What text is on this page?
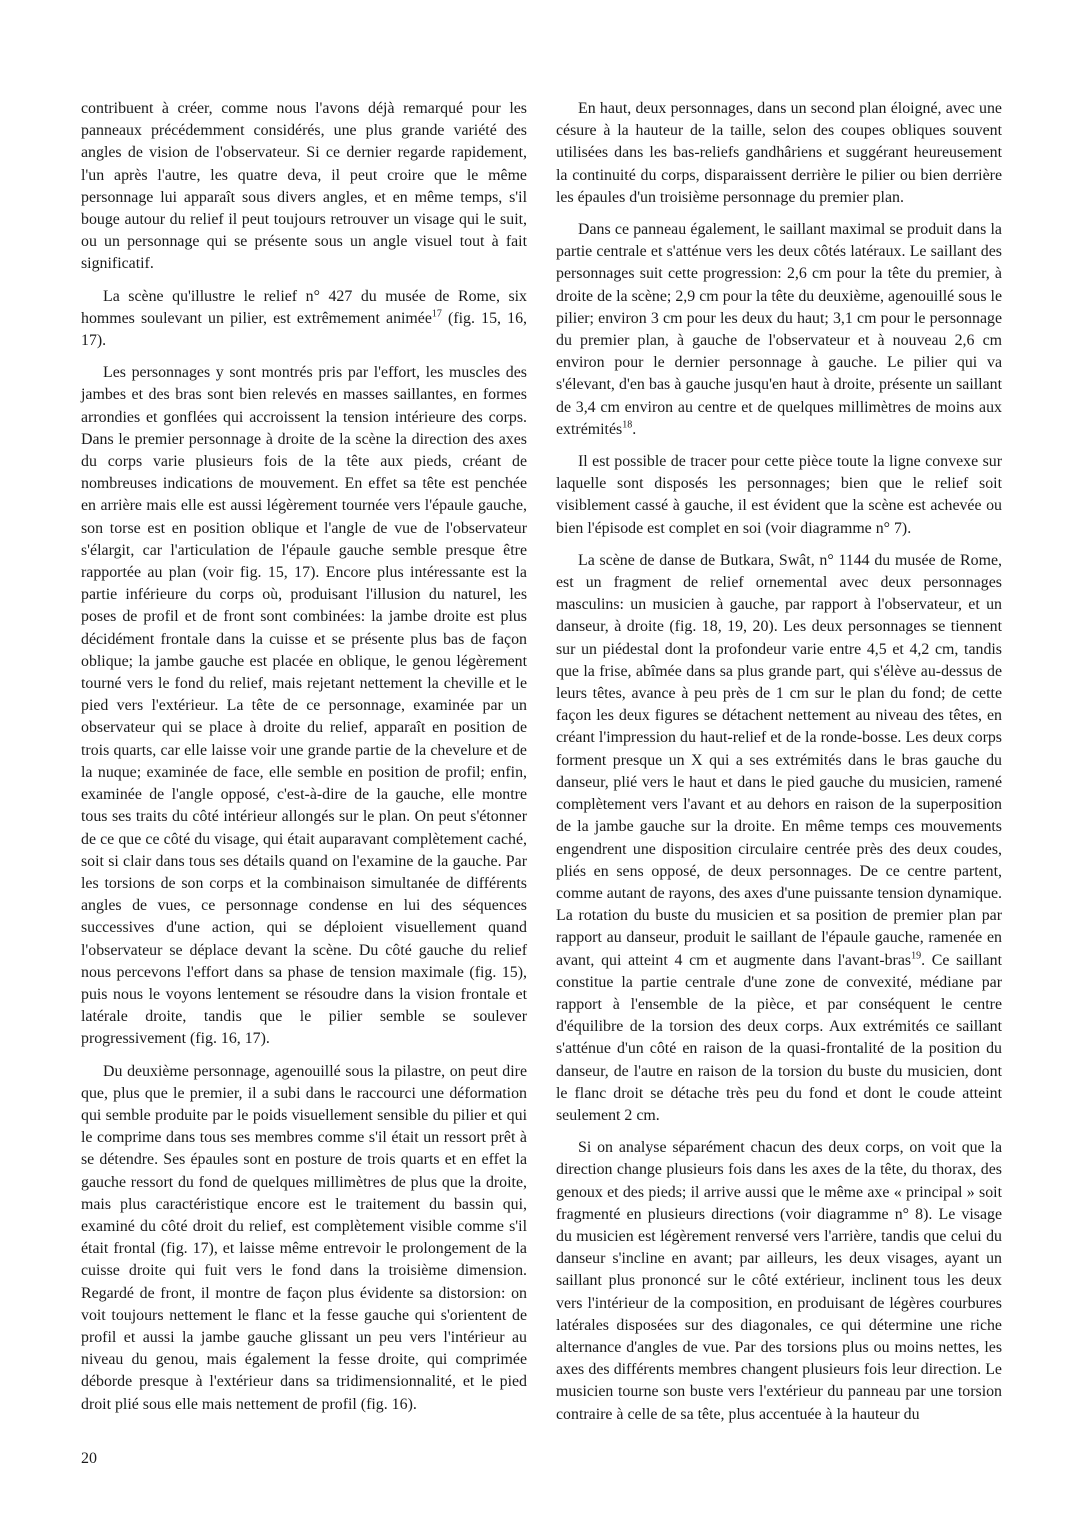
contribuent à créer, comme nous l'avons déjà remarqué pour les panneaux précédemment considérés, une plus grande variété des angles de vision de l'observateur. Si ce dernier regarde rapidement, l'un après l'autre, les quatre deva, il peut croire que le même personnage lui apparaît sous divers angles, et en même temps, s'il bouge autour du relief il peut toujours retrouver un visage qui le suit, ou un personnage qui se présente sous un angle visuel tout à fait significatif.

La scène qu'illustre le relief n° 427 du musée de Rome, six hommes soulevant un pilier, est extrêmement animée$^{17}$ (fig. 15, 16, 17).

Les personnages y sont montrés pris par l'effort, les muscles des jambes et des bras sont bien relevés en masses saillantes, en formes arrondies et gonflées qui accroissent la tension intérieure des corps. Dans le premier personnage à droite de la scène la direction des axes du corps varie plusieurs fois de la tête aux pieds, créant de nombreuses indications de mouvement. En effet sa tête est penchée en arrière mais elle est aussi légèrement tournée vers l'épaule gauche, son torse est en position oblique et l'angle de vue de l'observateur s'élargit, car l'articulation de l'épaule gauche semble presque être rapportée au plan (voir fig. 15, 17). Encore plus intéressante est la partie inférieure du corps où, produisant l'illusion du naturel, les poses de profil et de front sont combinées: la jambe droite est plus décidément frontale dans la cuisse et se présente plus bas de façon oblique; la jambe gauche est placée en oblique, le genou légèrement tourné vers le fond du relief, mais rejetant nettement la cheville et le pied vers l'extérieur. La tête de ce personnage, examinée par un observateur qui se place à droite du relief, apparaît en position de trois quarts, car elle laisse voir une grande partie de la chevelure et de la nuque; examinée de face, elle semble en position de profil; enfin, examinée de l'angle opposé, c'est-à-dire de la gauche, elle montre tous ses traits du côté intérieur allongés sur le plan. On peut s'étonner de ce que ce côté du visage, qui était auparavant complètement caché, soit si clair dans tous ses détails quand on l'examine de la gauche. Par les torsions de son corps et la combinaison simultanée de différents angles de vues, ce personnage condense en lui des séquences successives d'une action, qui se déploient visuellement quand l'observateur se déplace devant la scène. Du côté gauche du relief nous percevons l'effort dans sa phase de tension maximale (fig. 15), puis nous le voyons lentement se résoudre dans la vision frontale et latérale droite, tandis que le pilier semble se soulever progressivement (fig. 16, 17).

Du deuxième personnage, agenouillé sous la pilastre, on peut dire que, plus que le premier, il a subi dans le raccourci une déformation qui semble produite par le poids visuellement sensible du pilier et qui le comprime dans tous ses membres comme s'il était un ressort prêt à se détendre. Ses épaules sont en posture de trois quarts et en effet la gauche ressort du fond de quelques millimètres de plus que la droite, mais plus caractéristique encore est le traitement du bassin qui, examiné du côté droit du relief, est complètement visible comme s'il était frontal (fig. 17), et laisse même entrevoir le prolongement de la cuisse droite qui fuit vers le fond dans la troisième dimension. Regardé de front, il montre de façon plus évidente sa distorsion: on voit toujours nettement le flanc et la fesse gauche qui s'orientent de profil et aussi la jambe gauche glissant un peu vers l'intérieur au niveau du genou, mais également la fesse droite, qui comprimée déborde presque à l'extérieur dans sa tridimensionnalité, et le pied droit plié sous elle mais nettement de profil (fig. 16).

En haut, deux personnages, dans un second plan éloigné, avec une césure à la hauteur de la taille, selon des coupes obliques souvent utilisées dans les bas-reliefs gandhâriens et suggérant heureusement la continuité du corps, disparaissent derrière le pilier ou bien derrière les épaules d'un troisième personnage du premier plan.

Dans ce panneau également, le saillant maximal se produit dans la partie centrale et s'atténue vers les deux côtés latéraux. Le saillant des personnages suit cette progression: 2,6 cm pour la tête du premier, à droite de la scène; 2,9 cm pour la tête du deuxième, agenouillé sous le pilier; environ 3 cm pour les deux du haut; 3,1 cm pour le personnage du premier plan, à gauche de l'observateur et à nouveau 2,6 cm environ pour le dernier personnage à gauche. Le pilier qui va s'élevant, d'en bas à gauche jusqu'en haut à droite, présente un saillant de 3,4 cm environ au centre et de quelques millimètres de moins aux extrémités$^{18}$.

Il est possible de tracer pour cette pièce toute la ligne convexe sur laquelle sont disposés les personnages; bien que le relief soit visiblement cassé à gauche, il est évident que la scène est achevée ou bien l'épisode est complet en soi (voir diagramme n° 7).

La scène de danse de Butkara, Swât, n° 1144 du musée de Rome, est un fragment de relief ornemental avec deux personnages masculins: un musicien à gauche, par rapport à l'observateur, et un danseur, à droite (fig. 18, 19, 20). Les deux personnages se tiennent sur un piédestal dont la profondeur varie entre 4,5 et 4,2 cm, tandis que la frise, abîmée dans sa plus grande part, qui s'élève au-dessus de leurs têtes, avance à peu près de 1 cm sur le plan du fond; de cette façon les deux figures se détachent nettement au niveau des têtes, en créant l'impression du haut-relief et de la ronde-bosse. Les deux corps forment presque un X qui a ses extrémités dans le bras gauche du danseur, plié vers le haut et dans le pied gauche du musicien, ramené complètement vers l'avant et au dehors en raison de la superposition de la jambe gauche sur la droite. En même temps ces mouvements engendrent une disposition circulaire centrée près des deux coudes, pliés en sens opposé, de deux personnages. De ce centre partent, comme autant de rayons, des axes d'une puissante tension dynamique. La rotation du buste du musicien et sa position de premier plan par rapport au danseur, produit le saillant de l'épaule gauche, ramenée en avant, qui atteint 4 cm et augmente dans l'avant-bras$^{19}$. Ce saillant constitue la partie centrale d'une zone de convexité, médiane par rapport à l'ensemble de la pièce, et par conséquent le centre d'équilibre de la torsion des deux corps. Aux extrémités ce saillant s'atténue d'un côté en raison de la quasi-frontalité de la position du danseur, de l'autre en raison de la torsion du buste du musicien, dont le flanc droit se détache très peu du fond et dont le coude atteint seulement 2 cm.

Si on analyse séparément chacun des deux corps, on voit que la direction change plusieurs fois dans les axes de la tête, du thorax, des genoux et des pieds; il arrive aussi que le même axe « principal » soit fragmenté en plusieurs directions (voir diagramme n° 8). Le visage du musicien est légèrement renversé vers l'arrière, tandis que celui du danseur s'incline en avant; par ailleurs, les deux visages, ayant un saillant plus prononcé sur le côté extérieur, inclinent tous les deux vers l'intérieur de la composition, en produisant de légères courbures latérales disposées sur des diagonales, ce qui détermine une riche alternance d'angles de vue. Par des torsions plus ou moins nettes, les axes des différents membres changent plusieurs fois leur direction. Le musicien tourne son buste vers l'extérieur du panneau par une torsion contraire à celle de sa tête, plus accentuée à la hauteur du

20
